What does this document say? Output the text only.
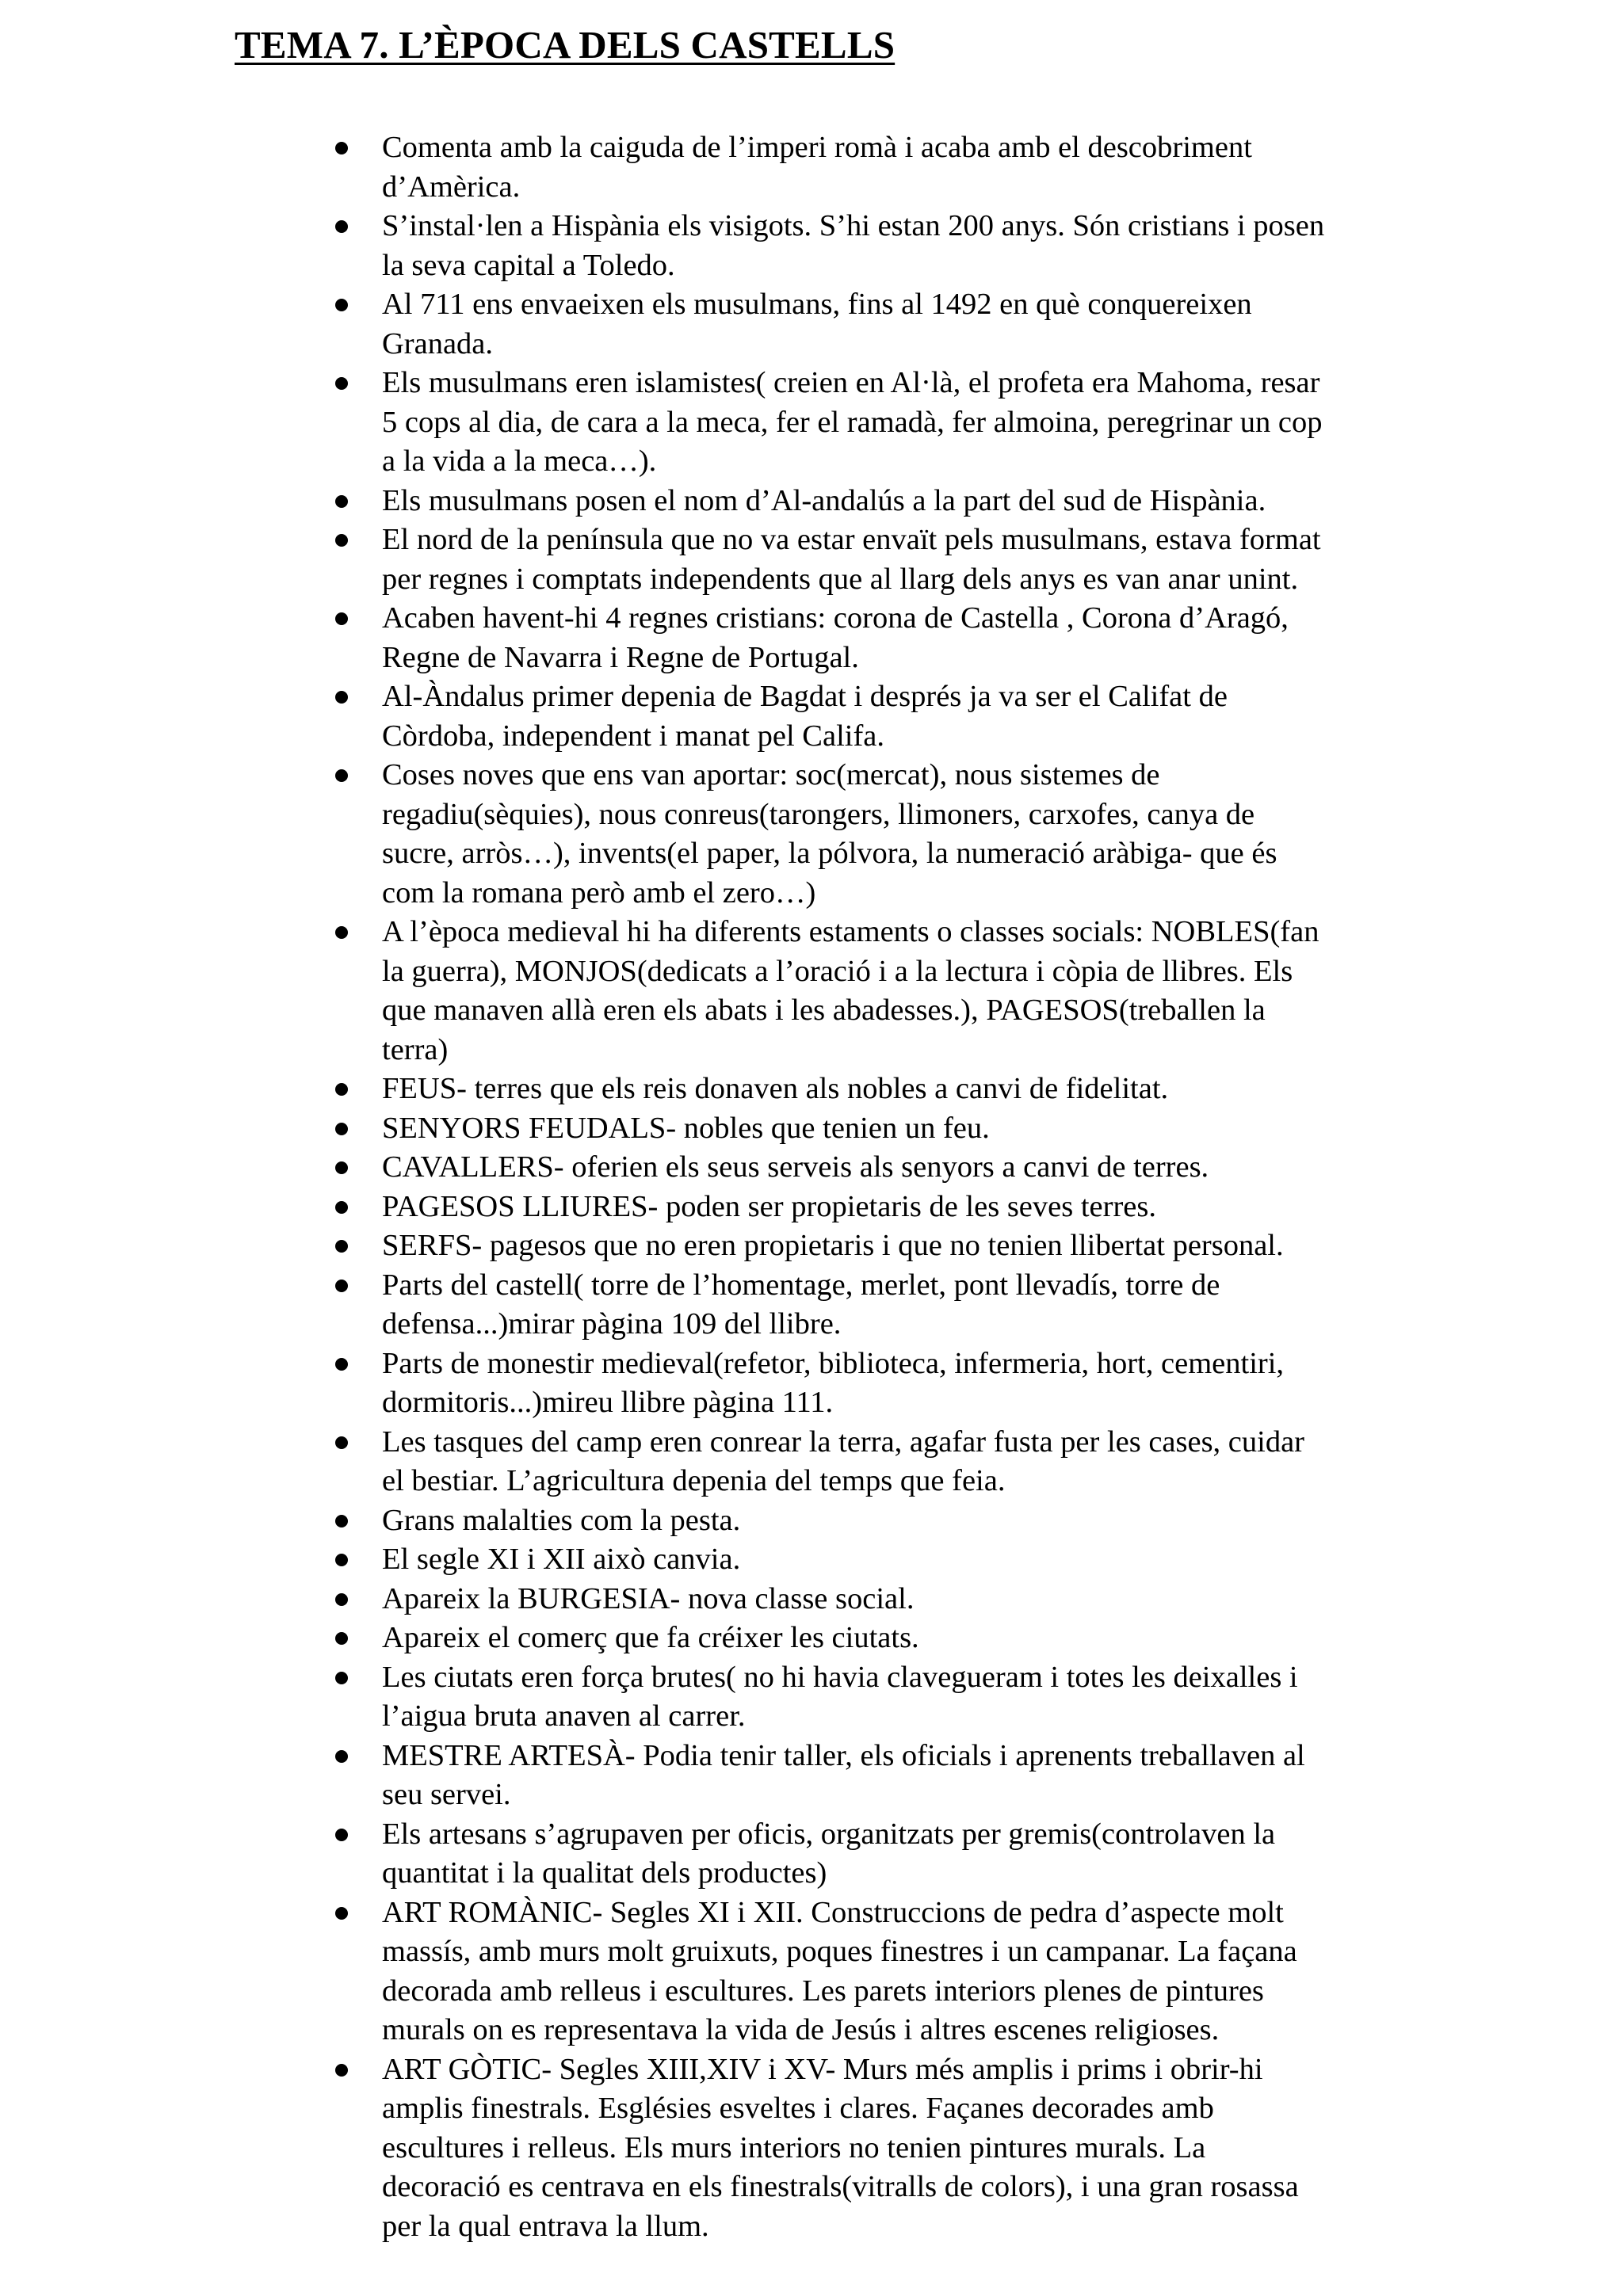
TEMA 7. L’ÈPOCA DELS CASTELLS
Comenta amb la caiguda de l’imperi romà i acaba amb el descobriment
d’Amèrica.
S’instal·len a Hispània els visigots. S’hi estan 200 anys. Són cristians i posen
la seva capital a Toledo.
Al 711 ens envaeixen els musulmans, fins al 1492 en què conquereixen
Granada.
Els musulmans eren islamistes( creien en Al·là, el profeta era Mahoma, resar
5 cops al dia, de cara a la meca, fer el ramadà, fer almoina, peregrinar un cop
a la vida a la meca…).
Els musulmans posen el nom d’Al-andalús a la part del sud de Hispània.
El nord de la península que no va estar envaït pels musulmans, estava format
per regnes i comptats independents que al llarg dels anys es van anar unint.
Acaben havent-hi 4 regnes cristians: corona de Castella , Corona d’Aragó,
Regne de Navarra i Regne de Portugal.
Al-Àndalus primer depenia de Bagdat i després ja va ser el Califat de
Còrdoba, independent i manat pel Califa.
Coses noves que ens van aportar: soc(mercat), nous sistemes de
regadiu(sèquies), nous conreus(tarongers, llimoners, carxofes, canya de
sucre, arròs…), invents(el paper, la pólvora, la numeració aràbiga- que és
com la romana però amb el zero…)
A l’època medieval hi ha diferents estaments o classes socials: NOBLES(fan
la guerra), MONJOS(dedicats a l’oració i a la lectura i còpia de llibres. Els
que manaven allà eren els abats i les abadesses.), PAGESOS(treballen la
terra)
FEUS- terres que els reis donaven als nobles a canvi de fidelitat.
SENYORS FEUDALS- nobles que tenien un feu.
CAVALLERS- oferien els seus serveis als senyors a canvi de terres.
PAGESOS LLIURES- poden ser propietaris de les seves terres.
SERFS- pagesos que no eren propietaris i que no tenien llibertat personal.
Parts del castell( torre de l’homentage, merlet, pont llevadís, torre de
defensa...)mirar pàgina 109 del llibre.
Parts de monestir medieval(refetor, biblioteca, infermeria, hort, cementiri,
dormitoris...)mireu llibre pàgina 111.
Les tasques del camp eren conrear la terra, agafar fusta per les cases, cuidar
el bestiar. L’agricultura depenia del temps que feia.
Grans malalties com la pesta.
El segle XI i XII això canvia.
Apareix la BURGESIA- nova classe social.
Apareix el comerç que fa créixer les ciutats.
Les ciutats eren força brutes( no hi havia clavegueram i totes les deixalles i
l’aigua bruta anaven al carrer.
MESTRE ARTESÀ- Podia tenir taller, els oficials i aprenents treballaven al
seu servei.
Els artesans s’agrupaven per oficis, organitzats per gremis(controlaven la
quantitat i la qualitat dels productes)
ART ROMÀNIC- Segles XI i XII. Construccions de pedra d’aspecte molt
massís, amb murs molt gruixuts, poques finestres i un campanar. La façana
decorada amb relleus i escultures. Les parets interiors plenes de pintures
murals on es representava la vida de Jesús i altres escenes religioses.
ART GÒTIC- Segles XIII,XIV i XV- Murs més amplis i prims i obrir-hi
amplis finestrals. Esglésies esveltes i clares. Façanes decorades amb
escultures i relleus. Els murs interiors no tenien pintures murals. La
decoració es centrava en els finestrals(vitralls de colors), i una gran rosassa
per la qual entrava la llum.
